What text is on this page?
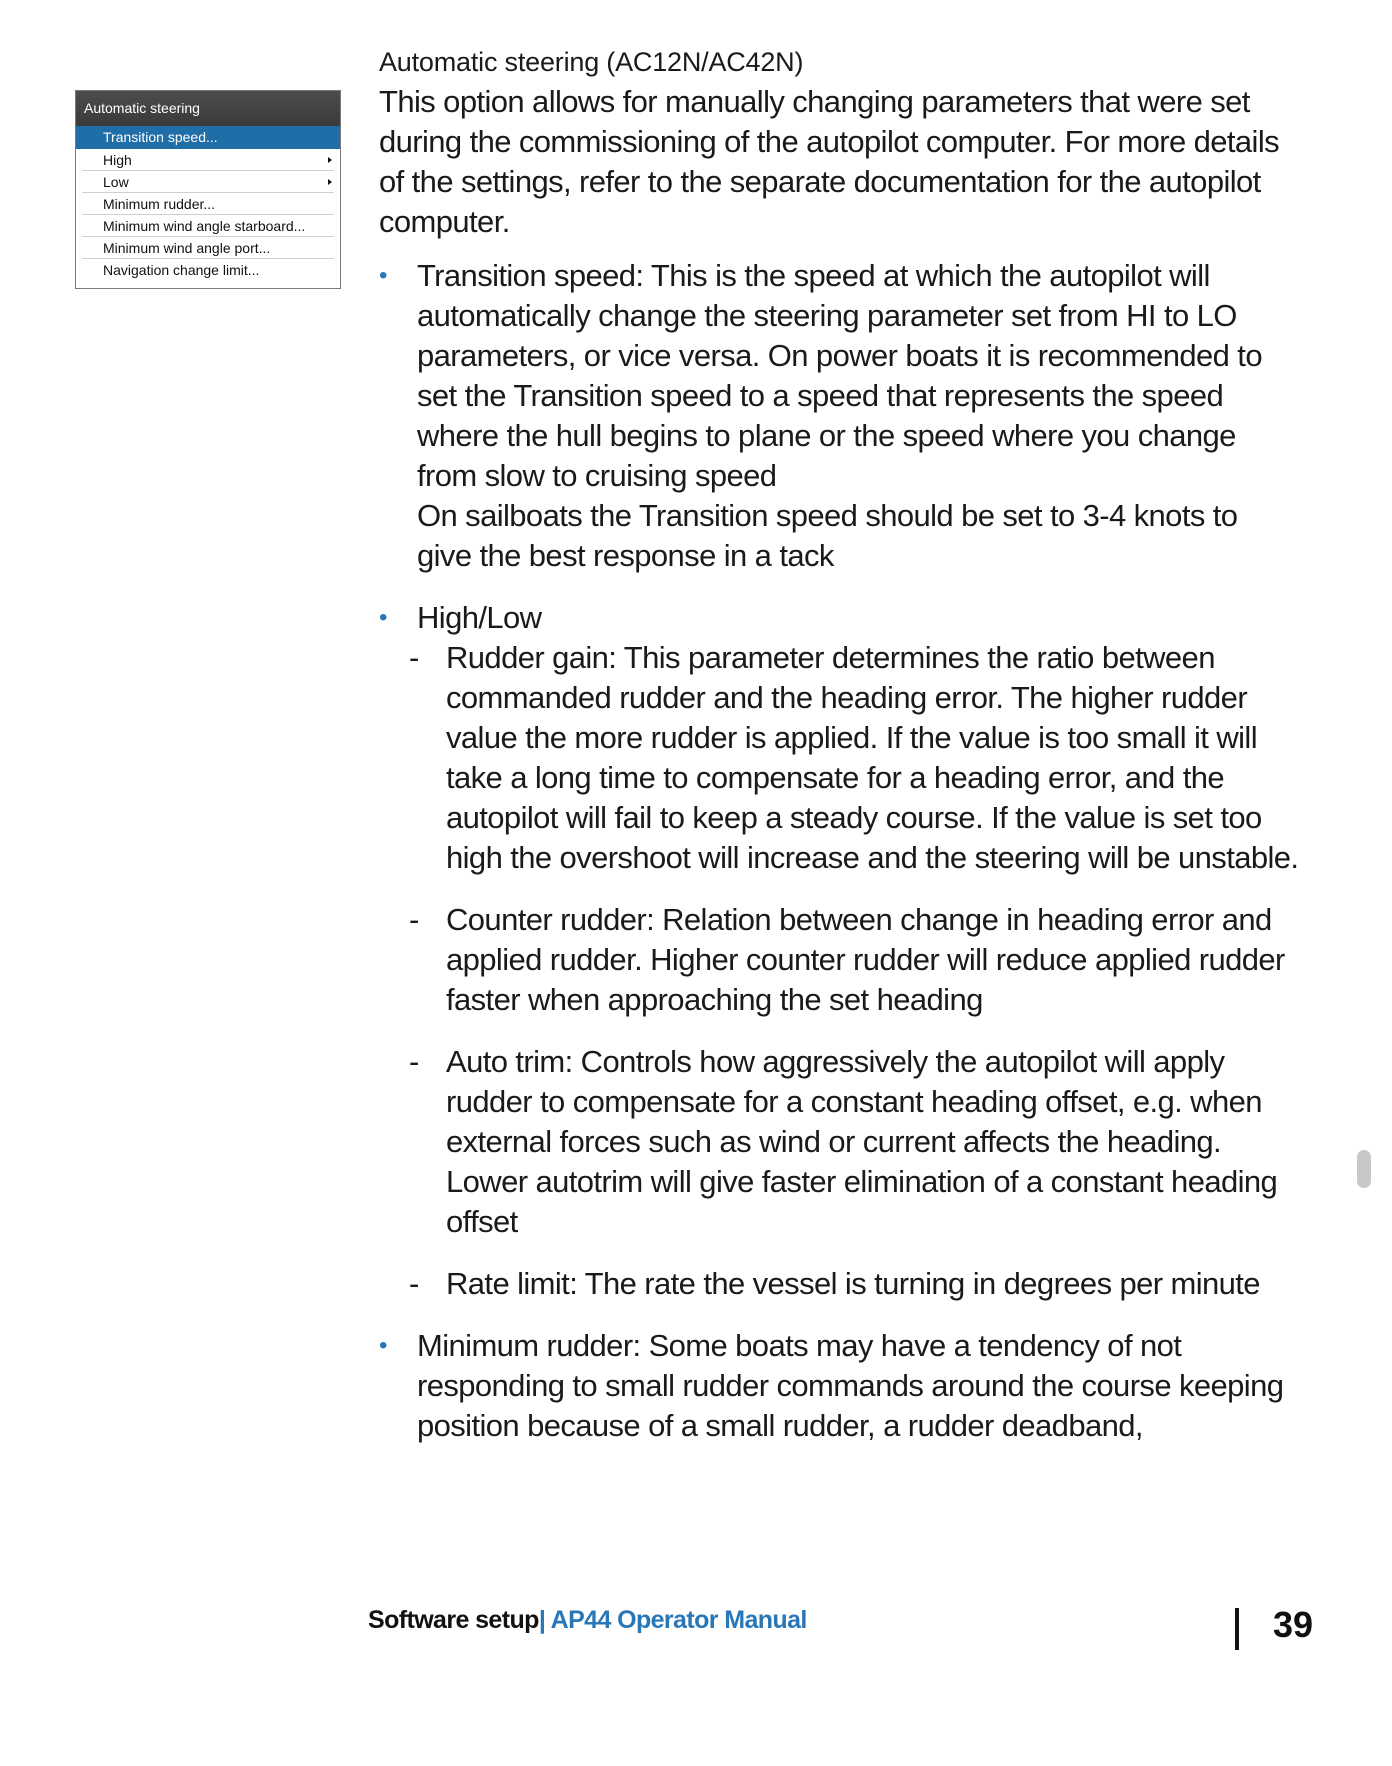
Automatic steering
Transition speed...
High
Low
Minimum rudder...
Minimum wind angle starboard...
Minimum wind angle port...
Navigation change limit...
Automatic steering (AC12N/AC42N)

This option allows for manually changing parameters that were set during the commissioning of the autopilot computer. For more details of the settings, refer to the separate documentation for the autopilot computer.

• Transition speed: This is the speed at which the autopilot will automatically change the steering parameter set from HI to LO parameters, or vice versa. On power boats it is recommended to set the Transition speed to a speed that represents the speed where the hull begins to plane or the speed where you change from slow to cruising speed
On sailboats the Transition speed should be set to 3-4 knots to give the best response in a tack
• High/Low
- Rudder gain: This parameter determines the ratio between commanded rudder and the heading error. The higher rudder value the more rudder is applied. If the value is too small it will take a long time to compensate for a heading error, and the autopilot will fail to keep a steady course. If the value is set too high the overshoot will increase and the steering will be unstable.
- Counter rudder: Relation between change in heading error and applied rudder. Higher counter rudder will reduce applied rudder faster when approaching the set heading
- Auto trim: Controls how aggressively the autopilot will apply rudder to compensate for a constant heading offset, e.g. when external forces such as wind or current affects the heading. Lower autotrim will give faster elimination of a constant heading offset
- Rate limit: The rate the vessel is turning in degrees per minute
• Minimum rudder: Some boats may have a tendency of not responding to small rudder commands around the course keeping position because of a small rudder, a rudder deadband,
Software setup| AP44 Operator Manual	39
